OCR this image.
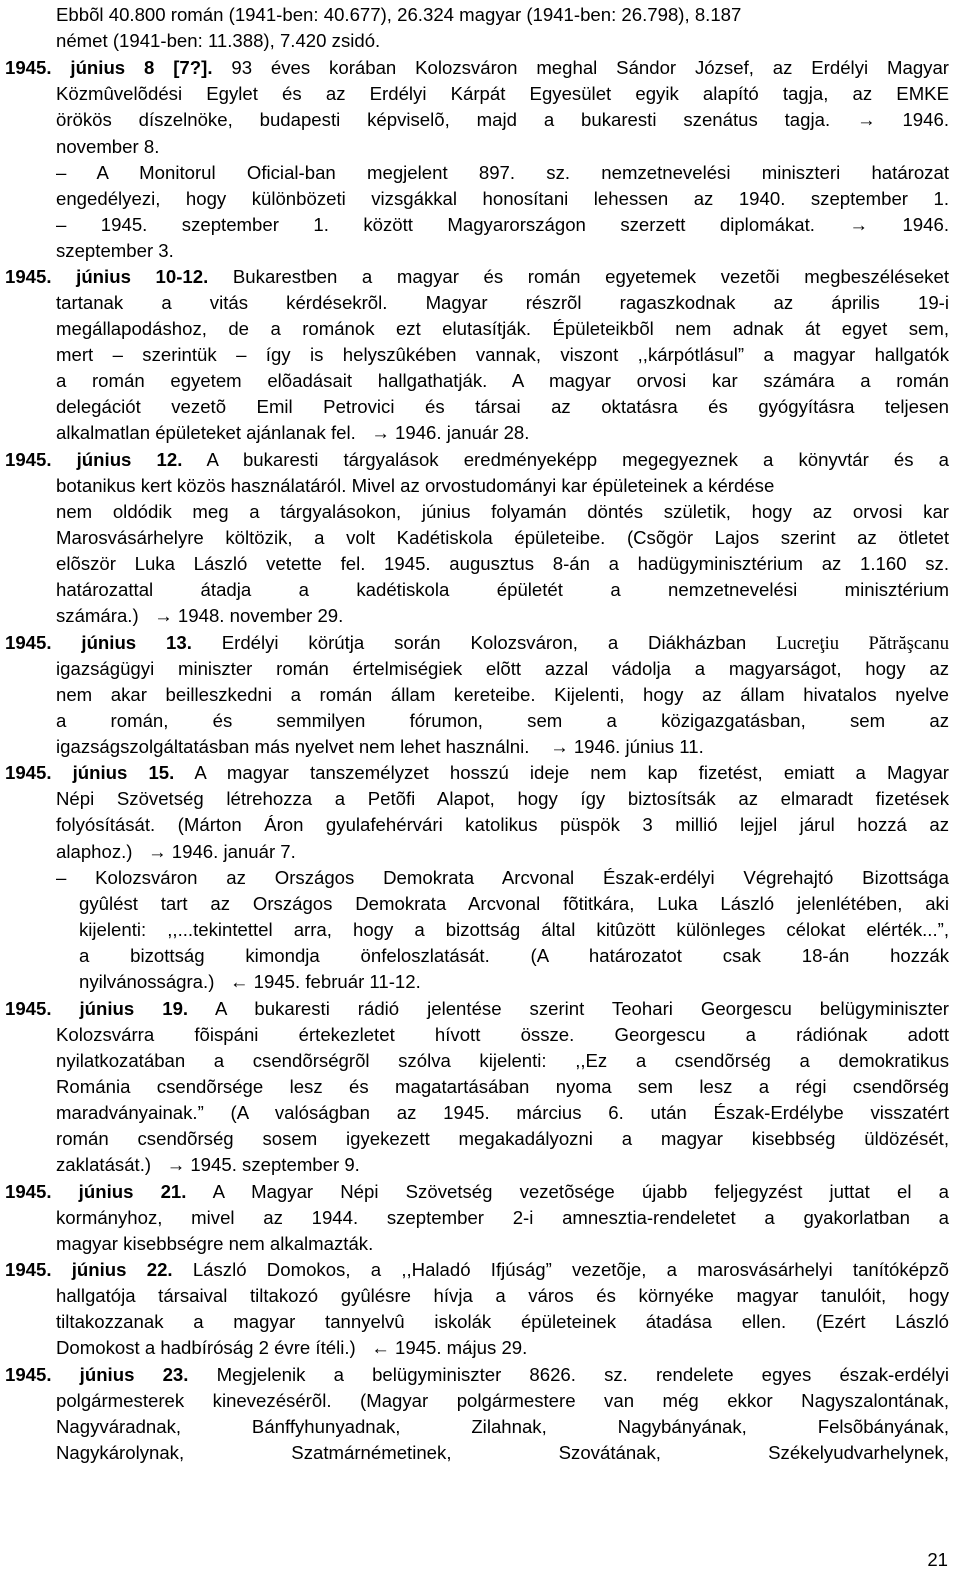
Ebbõl 40.800 román (1941-ben: 40.677), 26.324 magyar (1941-ben: 26.798), 8.187
német (1941-ben: 11.388), 7.420 zsidó.
1945. június 8 [7?]. 93 éves korában Kolozsváron meghal Sándor József, az Erdélyi Magyar
Közmûvelõdési Egylet és az Erdélyi Kárpát Egyesület egyik alapító tagja, az EMKE
örökös díszelnöke, budapesti képviselõ, majd a bukaresti szenátus tagja. → 1946.
november 8.
– A Monitorul Oficial-ban megjelent 897. sz. nemzetnevelési miniszteri határozat
engedélyezi, hogy különbözeti vizsgákkal honosítani lehessen az 1940. szeptember 1.
– 1945. szeptember 1. között Magyarországon szerzett diplomákat. → 1946.
szeptember 3.
1945. június 10-12. Bukarestben a magyar és román egyetemek vezetõi megbeszéléseket
tartanak a vitás kérdésekrõl. Magyar részrõl ragaszkodnak az április 19-i
megállapodáshoz, de a románok ezt elutasítják. Épületeikbõl nem adnak át egyet sem,
mert – szerintük – így is helyszûkében vannak, viszont ,,kárpótlásul” a magyar hallgatók
a román egyetem elõadásait hallgathatják. A magyar orvosi kar számára a román
delegációt vezetõ Emil Petrovici és társai az oktatásra és gyógyításra teljesen
alkalmatlan épületeket ajánlanak fel.   → 1946. január 28.
1945. június 12. A bukaresti tárgyalások eredményeképp megegyeznek a könyvtár és a
botanikus kert közös használatáról. Mivel az orvostudományi kar épületeinek a kérdése
nem oldódik meg a tárgyalásokon, június folyamán döntés születik, hogy az orvosi kar
Marosvásárhelyre költözik, a volt Kadétiskola épületeibe. (Csõgör Lajos szerint az ötletet
elõször Luka László vetette fel. 1945. augusztus 8-án a hadügyminisztérium az 1.160 sz.
határozattal átadja a kadétiskola épületét a nemzetnevelési minisztérium
számára.)   → 1948. november 29.
1945. június 13. Erdélyi körútja során Kolozsváron, a Diákházban Lucreţiu Pătrăşcanu
igazságügyi miniszter román értelmiségiek elõtt azzal vádolja a magyarságot, hogy az
nem akar beilleszkedni a román állam kereteibe. Kijelenti, hogy az állam hivatalos nyelve
a román, és semmilyen fórumon, sem a közigazgatásban, sem az
igazságszolgáltatásban más nyelvet nem lehet használni.    → 1946. június 11.
1945. június 15. A magyar tanszemélyzet hosszú ideje nem kap fizetést, emiatt a Magyar
Népi Szövetség létrehozza a Petõfi Alapot, hogy így biztosítsák az elmaradt fizetések
folyósítását. (Márton Áron gyulafehérvári katolikus püspök 3 millió lejjel járul hozzá az
alaphoz.)   → 1946. január 7.
– Kolozsváron az Országos Demokrata Arcvonal Észak-erdélyi Végrehajtó Bizottsága
gyûlést tart az Országos Demokrata Arcvonal fõtitkára, Luka László jelenlétében, aki
kijelenti: ,,...tekintettel arra, hogy a bizottság által kitûzött különleges célokat elérték...”,
a bizottság kimondja önfeloszlatását. (A határozatot csak 18-án hozzák
nyilvánosságra.)   ← 1945. február 11-12.
1945. június 19. A bukaresti rádió jelentése szerint Teohari Georgescu belügyminiszter
Kolozsvárra fõispáni értekezletet hívott össze. Georgescu a rádiónak adott
nyilatkozatában a csendõrségrõl szólva kijelenti: ,,Ez a csendõrség a demokratikus
Románia csendõrsége lesz és magatartásában nyoma sem lesz a régi csendõrség
maradványainak.” (A valóságban az 1945. március 6. után Észak-Erdélybe visszatért
román csendõrség sosem igyekezett megakadályozni a magyar kisebbség üldözését,
zaklatását.)   → 1945. szeptember 9.
1945. június 21. A Magyar Népi Szövetség vezetõsége újabb feljegyzést juttat el a
kormányhoz, mivel az 1944. szeptember 2-i amnesztia-rendeletet a gyakorlatban a
magyar kisebbségre nem alkalmazták.
1945. június 22. László Domokos, a ,,Haladó Ifjúság” vezetõje, a marosvásárhelyi tanítóképzõ
hallgatója társaival tiltakozó gyûlésre hívja a város és környéke magyar tanulóit, hogy
tiltakozzanak a magyar tannyelvû iskolák épületeinek átadása ellen. (Ezért László
Domokost a hadbíróság 2 évre ítéli.)   ← 1945. május 29.
1945. június 23. Megjelenik a belügyminiszter 8626. sz. rendelete egyes észak-erdélyi
polgármesterek kinevezésérõl. (Magyar polgármestere van még ekkor Nagyszalontának,
Nagyváradnak, Bánffyhunyadnak, Zilahnak, Nagybányának, Felsõbányának,
Nagykárolynak, Szatmárnémetinek, Szovátának, Székelyudvarhelynek,
21
